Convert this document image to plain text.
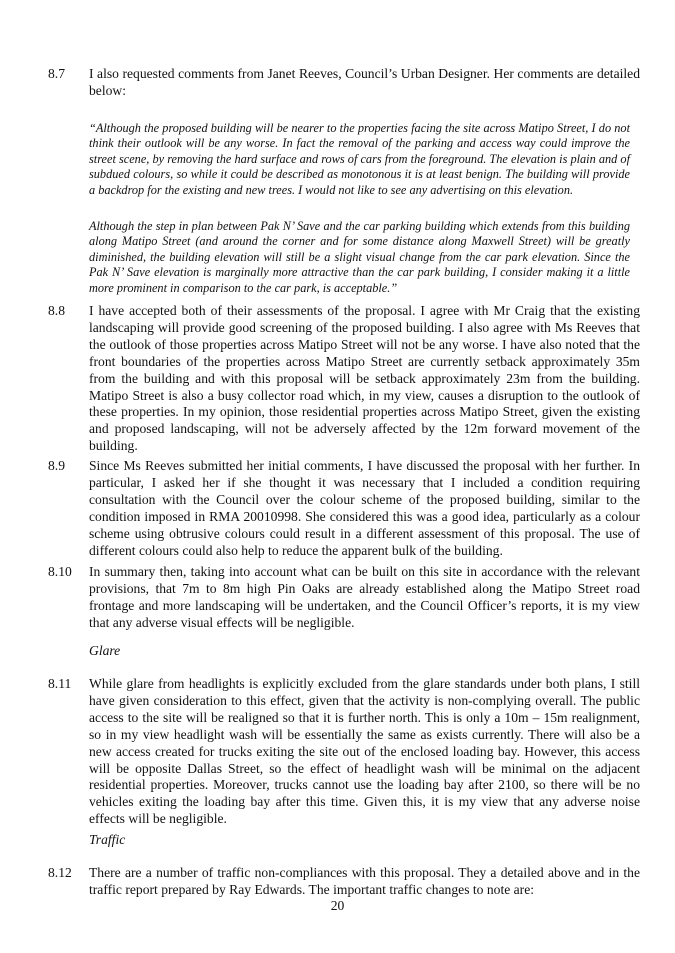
8.7	I also requested comments from Janet Reeves, Council’s Urban Designer. Her comments are detailed below:
“Although the proposed building will be nearer to the properties facing the site across Matipo Street, I do not think their outlook will be any worse. In fact the removal of the parking and access way could improve the street scene, by removing the hard surface and rows of cars from the foreground. The elevation is plain and of subdued colours, so while it could be described as monotonous it is at least benign. The building will provide a backdrop for the existing and new trees. I would not like to see any advertising on this elevation.
Although the step in plan between Pak N’ Save and the car parking building which extends from this building along Matipo Street (and around the corner and for some distance along Maxwell Street) will be greatly diminished, the building elevation will still be a slight visual change from the car park elevation. Since the Pak N’ Save elevation is marginally more attractive than the car park building, I consider making it a little more prominent in comparison to the car park, is acceptable.”
8.8	I have accepted both of their assessments of the proposal. I agree with Mr Craig that the existing landscaping will provide good screening of the proposed building. I also agree with Ms Reeves that the outlook of those properties across Matipo Street will not be any worse. I have also noted that the front boundaries of the properties across Matipo Street are currently setback approximately 35m from the building and with this proposal will be setback approximately 23m from the building. Matipo Street is also a busy collector road which, in my view, causes a disruption to the outlook of these properties. In my opinion, those residential properties across Matipo Street, given the existing and proposed landscaping, will not be adversely affected by the 12m forward movement of the building.
8.9	Since Ms Reeves submitted her initial comments, I have discussed the proposal with her further. In particular, I asked her if she thought it was necessary that I included a condition requiring consultation with the Council over the colour scheme of the proposed building, similar to the condition imposed in RMA 20010998. She considered this was a good idea, particularly as a colour scheme using obtrusive colours could result in a different assessment of this proposal. The use of different colours could also help to reduce the apparent bulk of the building.
8.10	In summary then, taking into account what can be built on this site in accordance with the relevant provisions, that 7m to 8m high Pin Oaks are already established along the Matipo Street road frontage and more landscaping will be undertaken, and the Council Officer’s reports, it is my view that any adverse visual effects will be negligible.
Glare
8.11	While glare from headlights is explicitly excluded from the glare standards under both plans, I still have given consideration to this effect, given that the activity is non-complying overall. The public access to the site will be realigned so that it is further north. This is only a 10m – 15m realignment, so in my view headlight wash will be essentially the same as exists currently. There will also be a new access created for trucks exiting the site out of the enclosed loading bay. However, this access will be opposite Dallas Street, so the effect of headlight wash will be minimal on the adjacent residential properties. Moreover, trucks cannot use the loading bay after 2100, so there will be no vehicles exiting the loading bay after this time. Given this, it is my view that any adverse noise effects will be negligible.
Traffic
8.12	There are a number of traffic non-compliances with this proposal. They a detailed above and in the traffic report prepared by Ray Edwards. The important traffic changes to note are:
20
